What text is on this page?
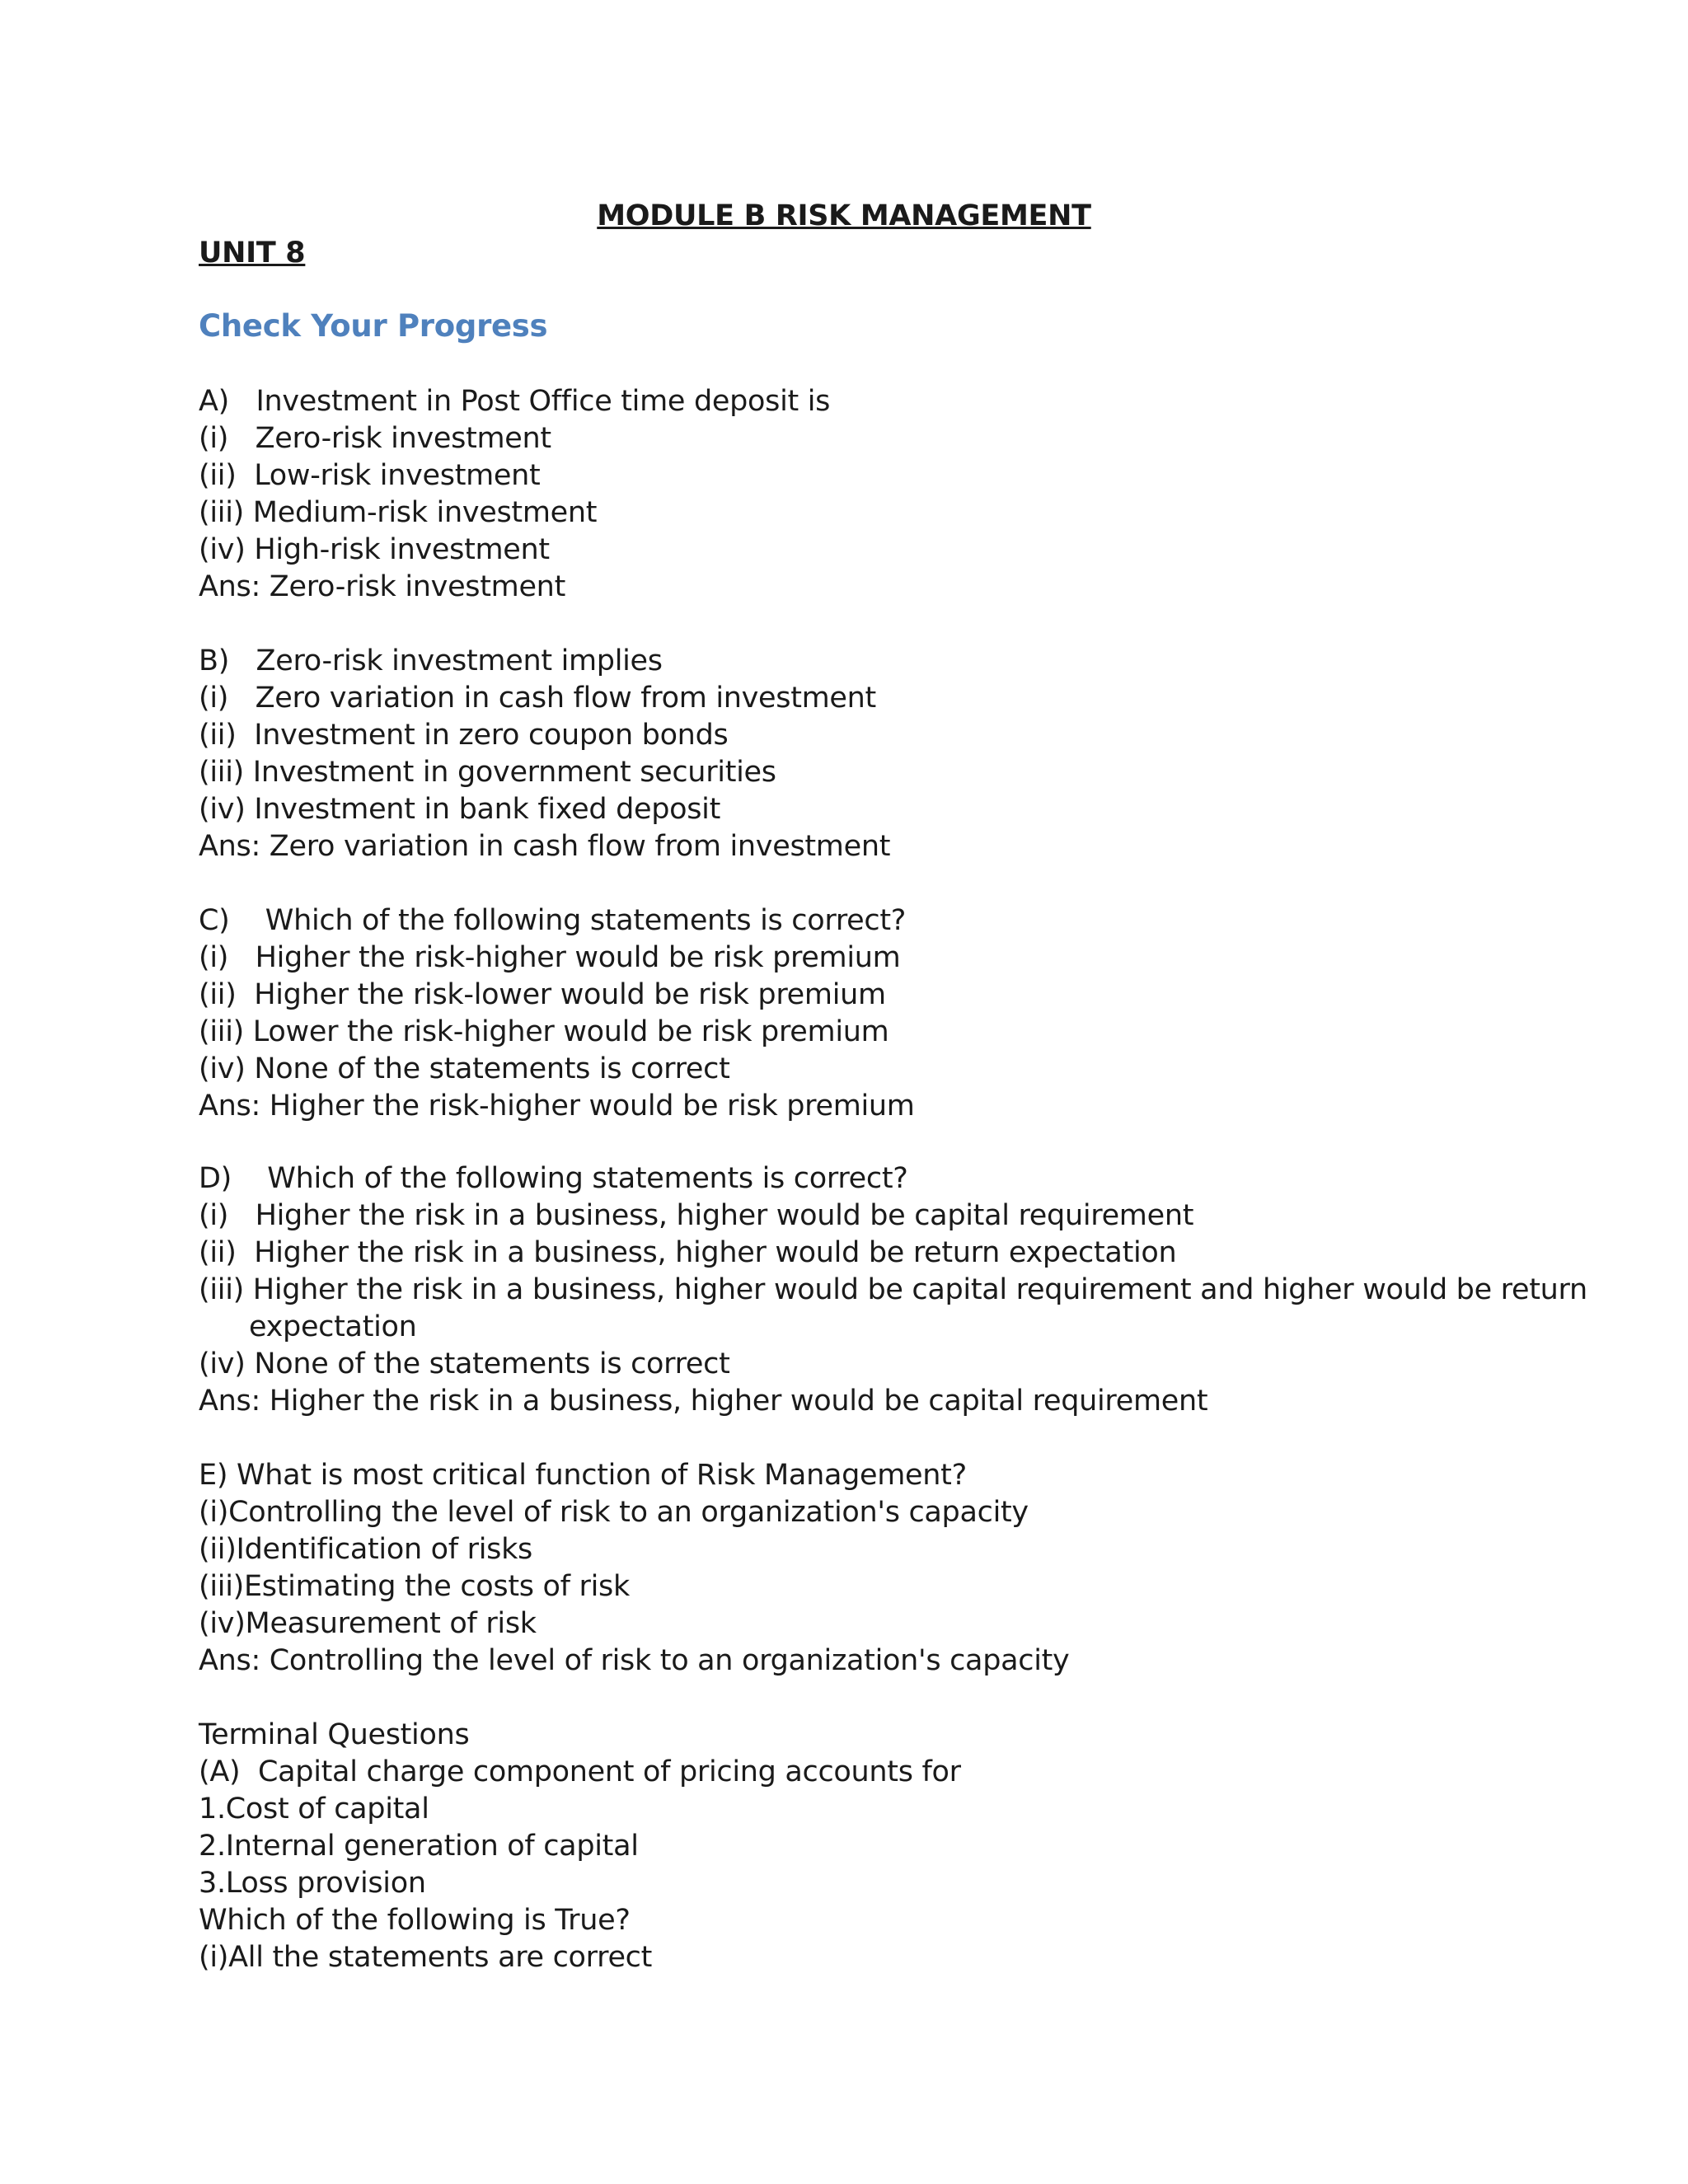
MODULE B RISK MANAGEMENT
UNIT 8
Check Your Progress
A)   Investment in Post Office time deposit is
(i)   Zero-risk investment
(ii)  Low-risk investment
(iii) Medium-risk investment
(iv) High-risk investment
Ans: Zero-risk investment
B)   Zero-risk investment implies
(i)   Zero variation in cash flow from investment
(ii)  Investment in zero coupon bonds
(iii) Investment in government securities
(iv) Investment in bank fixed deposit
Ans: Zero variation in cash flow from investment
C)    Which of the following statements is correct?
(i)   Higher the risk-higher would be risk premium
(ii)  Higher the risk-lower would be risk premium
(iii) Lower the risk-higher would be risk premium
(iv) None of the statements is correct
Ans: Higher the risk-higher would be risk premium
D)    Which of the following statements is correct?
(i)   Higher the risk in a business, higher would be capital requirement
(ii)  Higher the risk in a business, higher would be return expectation
(iii) Higher the risk in a business, higher would be capital requirement and higher would be return
expectation
(iv) None of the statements is correct
Ans: Higher the risk in a business, higher would be capital requirement
E) What is most critical function of Risk Management?
(i)Controlling the level of risk to an organization's capacity
(ii)Identification of risks
(iii)Estimating the costs of risk
(iv)Measurement of risk
Ans: Controlling the level of risk to an organization's capacity
Terminal Questions
(A)  Capital charge component of pricing accounts for
1.Cost of capital
2.Internal generation of capital
3.Loss provision
Which of the following is True?
(i)All the statements are correct
